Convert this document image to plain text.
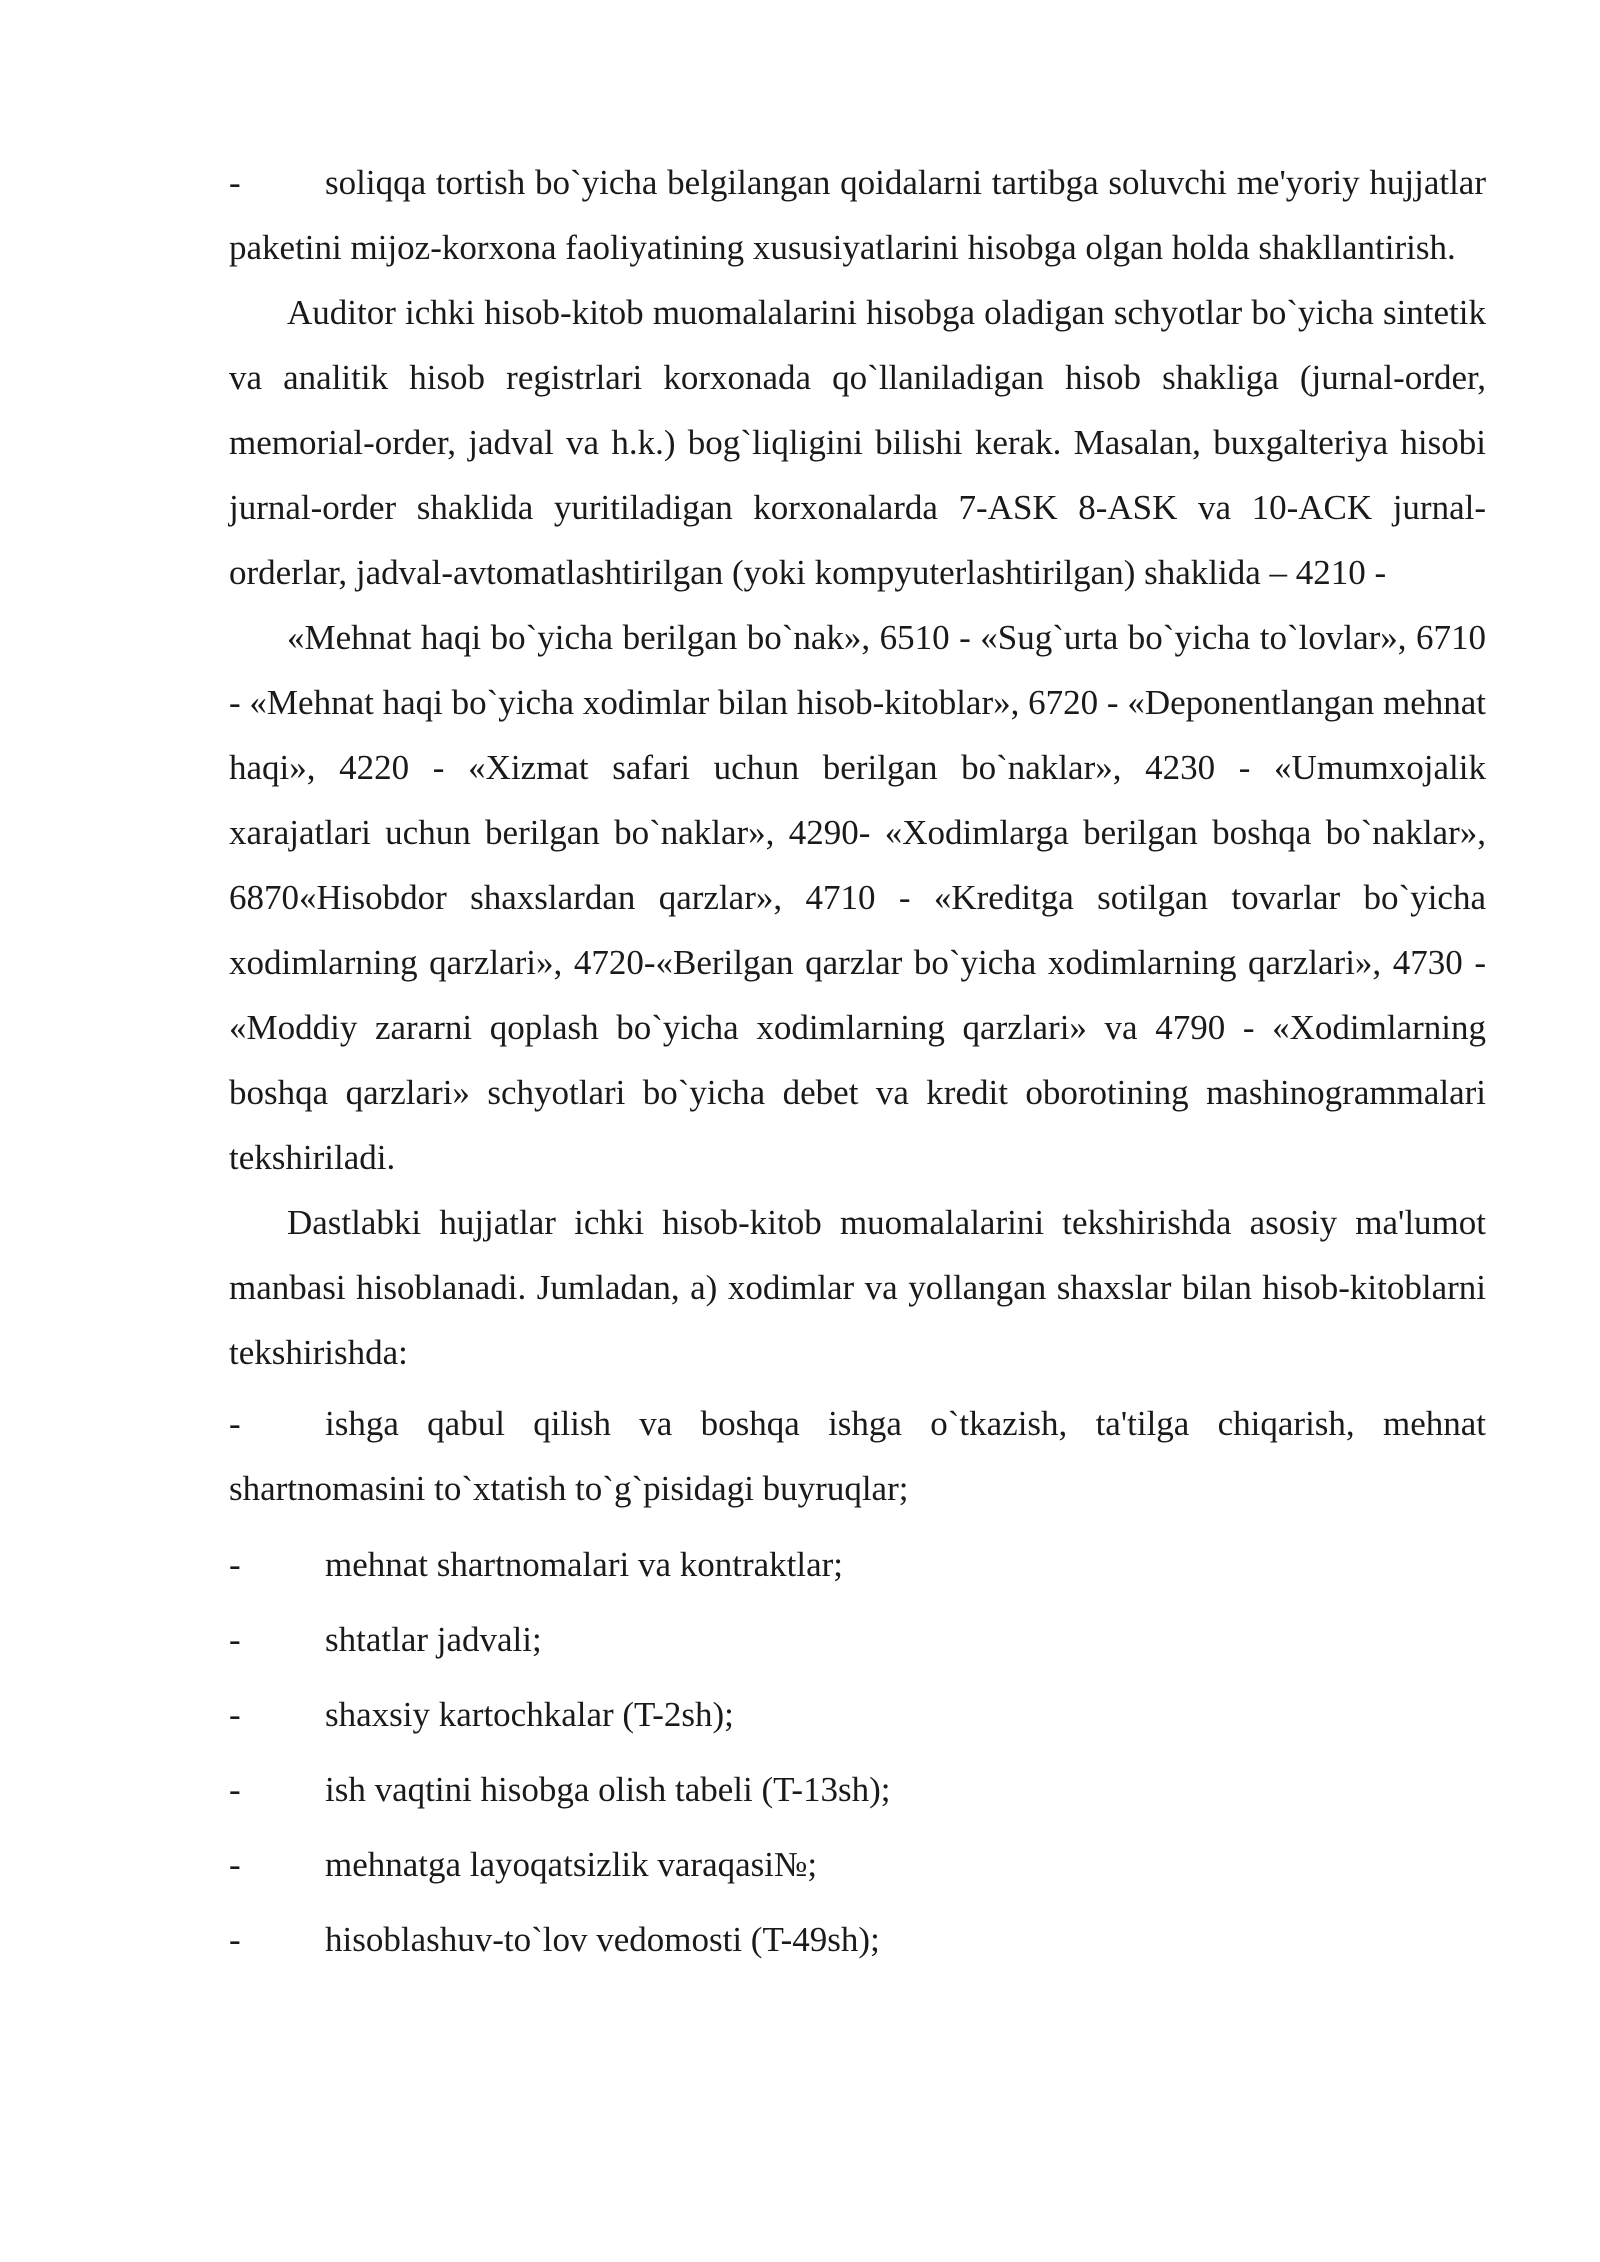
-	soliqqa tortish bo`yicha belgilangan qoidalarni tartibga soluvchi me'yoriy hujjatlar paketini mijoz-korxona faoliyatining xususiyatlarini hisobga olgan holda shakllantirish.

Auditor ichki hisob-kitob muomalalarini hisobga oladigan schyotlar bo`yicha sintetik va analitik hisob registrlari korxonada qo`llaniladigan hisob shakliga (jurnal-order, memorial-order, jadval va h.k.) bog`liqligini bilishi kerak. Masalan, buxgalteriya hisobi jurnal-order shaklida yuritiladigan korxonalarda 7-ASK 8-ASK va 10-ACK jurnal-orderlar, jadval-avtomatlashtirilgan (yoki kompyuterlashtirilgan) shaklida – 4210 -

«Mehnat haqi bo`yicha berilgan bo`nak», 6510 - «Sug`urta bo`yicha to`lovlar», 6710 - «Mehnat haqi bo`yicha xodimlar bilan hisob-kitoblar», 6720 - «Deponentlangan mehnat haqi», 4220 - «Xizmat safari uchun berilgan bo`naklar», 4230 - «Umumxojalik xarajatlari uchun berilgan bo`naklar», 4290- «Xodimlarga berilgan boshqa bo`naklar», 6870«Hisobdor shaxslardan qarzlar», 4710 - «Kreditga sotilgan tovarlar bo`yicha xodimlarning qarzlari», 4720-«Berilgan qarzlar bo`yicha xodimlarning qarzlari», 4730 - «Moddiy zararni qoplash bo`yicha xodimlarning qarzlari» va 4790 - «Xodimlarning boshqa qarzlari» schyotlari bo`yicha debet va kredit oborotining mashinogrammalari tekshiriladi.

Dastlabki hujjatlar ichki hisob-kitob muomalalarini tekshirishda asosiy ma'lumot manbasi hisoblanadi. Jumladan, a) xodimlar va yollangan shaxslar bilan hisob-kitoblarni tekshirishda:

-	ishga qabul qilish va boshqa ishga o`tkazish, ta'tilga chiqarish, mehnat shartnomasini to`xtatish to`g`pisidagi buyruqlar;

-	mehnat shartnomalari va kontraktlar;
-	shtatlar jadvali;
-	shaxsiy kartochkalar (T-2sh);
-	ish vaqtini hisobga olish tabeli (T-13sh);
-	mehnatga layoqatsizlik varaqasi№;
-	hisoblashuv-to`lov vedomosti (T-49sh);
